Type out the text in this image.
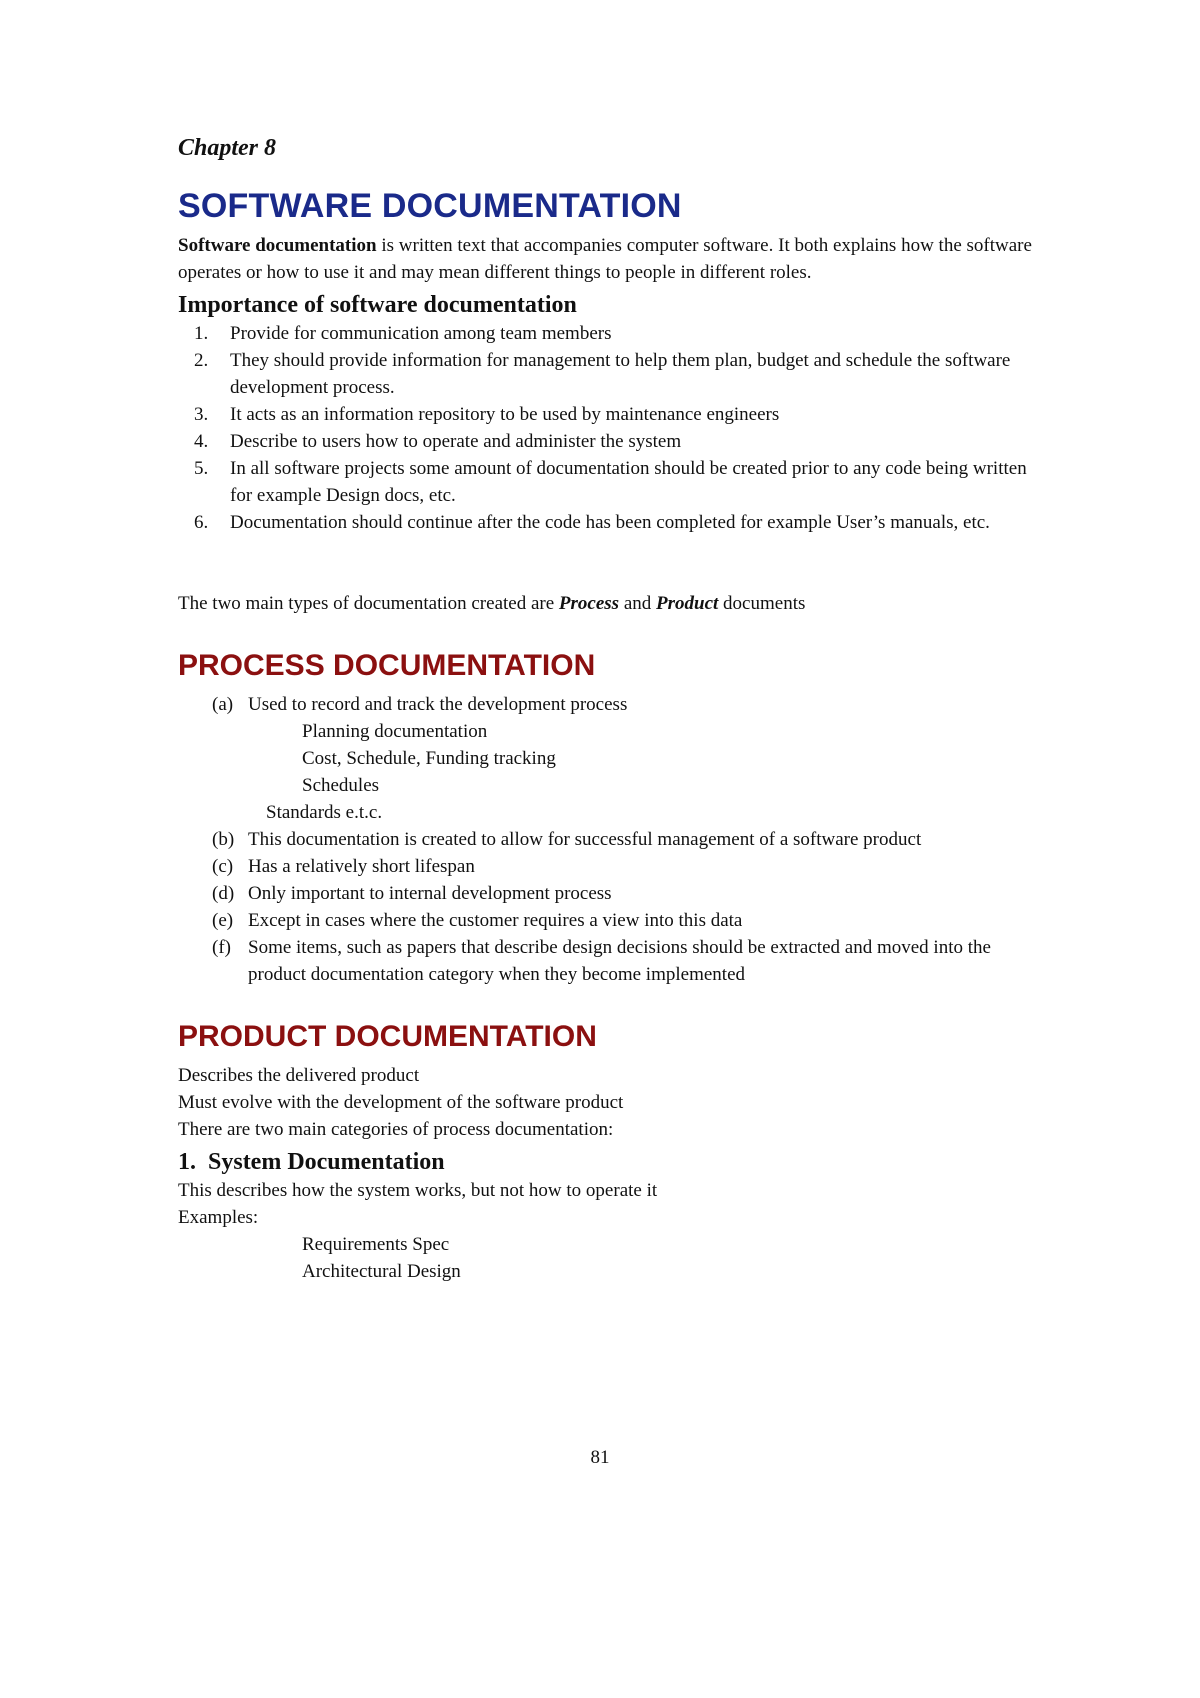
Chapter 8
SOFTWARE DOCUMENTATION

Software documentation is written text that accompanies computer software. It both explains how the software operates or how to use it and may mean different things to people in different roles.

Importance of software documentation
1. Provide for communication among team members
2. They should provide information for management to help them plan, budget and schedule the software development process.
3. It acts as an information repository to be used by maintenance engineers
4. Describe to users how to operate and administer the system
5. In all software projects some amount of documentation should be created prior to any code being written for example Design docs, etc.
6. Documentation should continue after the code has been completed for example User’s manuals, etc.

The two main types of documentation created are Process and Product documents

PROCESS DOCUMENTATION
(a) Used to record and track the development process
Planning documentation
Cost, Schedule, Funding tracking
Schedules
Standards e.t.c.
(b) This documentation is created to allow for successful management of a software product
(c) Has a relatively short lifespan
(d) Only important to internal development process
(e) Except in cases where the customer requires a view into this data
(f) Some items, such as papers that describe design decisions should be extracted and moved into the product documentation category when they become implemented
PRODUCT DOCUMENTATION
Describes the delivered product
Must evolve with the development of the software product
There are two main categories of process documentation:
1.  System Documentation
This describes how the system works, but not how to operate it
Examples:
Requirements Spec
Architectural Design
81
